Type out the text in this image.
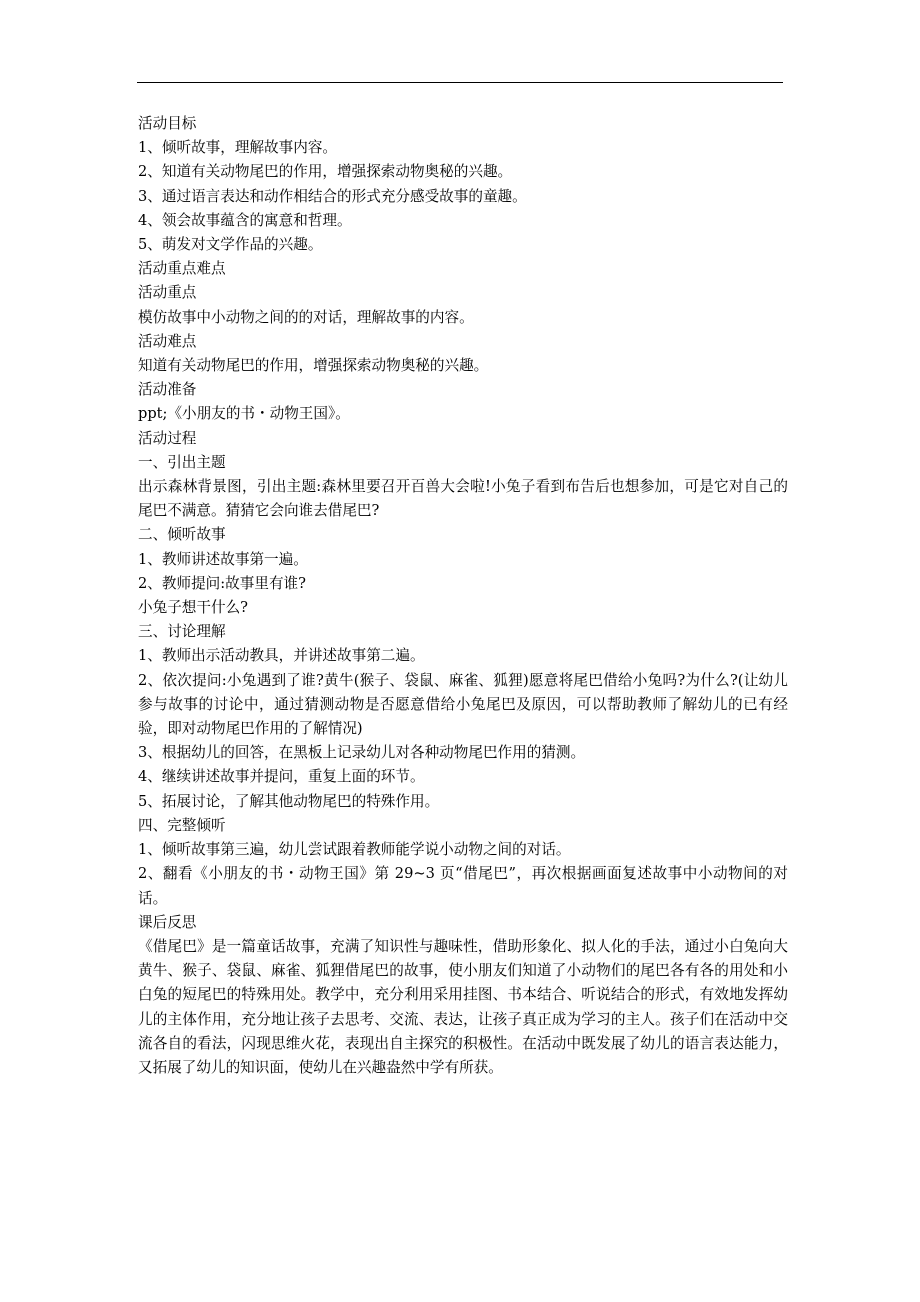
活动目标
1、倾听故事，理解故事内容。
2、知道有关动物尾巴的作用，增强探索动物奥秘的兴趣。
3、通过语言表达和动作相结合的形式充分感受故事的童趣。
4、领会故事蕴含的寓意和哲理。
5、萌发对文学作品的兴趣。
活动重点难点
活动重点
模仿故事中小动物之间的的对话，理解故事的内容。
活动难点
知道有关动物尾巴的作用，增强探索动物奥秘的兴趣。
活动准备
ppt;《小朋友的书・动物王国》。
活动过程
一、引出主题
出示森林背景图，引出主题:森林里要召开百兽大会啦!小兔子看到布告后也想参加，可是它对自己的尾巴不满意。猜猜它会向谁去借尾巴?
二、倾听故事
1、教师讲述故事第一遍。
2、教师提问:故事里有谁?
小兔子想干什么?
三、讨论理解
1、教师出示活动教具，并讲述故事第二遍。
2、依次提问:小兔遇到了谁?黄牛(猴子、袋鼠、麻雀、狐狸)愿意将尾巴借给小兔吗?为什么?(让幼儿参与故事的讨论中，通过猜测动物是否愿意借给小兔尾巴及原因，可以帮助教师了解幼儿的已有经验，即对动物尾巴作用的了解情况)
3、根据幼儿的回答，在黑板上记录幼儿对各种动物尾巴作用的猜测。
4、继续讲述故事并提问，重复上面的环节。
5、拓展讨论，了解其他动物尾巴的特殊作用。
四、完整倾听
1、倾听故事第三遍，幼儿尝试跟着教师能学说小动物之间的对话。
2、翻看《小朋友的书・动物王国》第 29~3 页“借尾巴”，再次根据画面复述故事中小动物间的对话。
课后反思
《借尾巴》是一篇童话故事，充满了知识性与趣味性，借助形象化、拟人化的手法，通过小白兔向大黄牛、猴子、袋鼠、麻雀、狐狸借尾巴的故事，使小朋友们知道了小动物们的尾巴各有各的用处和小白兔的短尾巴的特殊用处。教学中，充分利用采用挂图、书本结合、听说结合的形式，有效地发挥幼儿的主体作用，充分地让孩子去思考、交流、表达，让孩子真正成为学习的主人。孩子们在活动中交流各自的看法，闪现思维火花，表现出自主探究的积极性。在活动中既发展了幼儿的语言表达能力，又拓展了幼儿的知识面，使幼儿在兴趣盎然中学有所获。
